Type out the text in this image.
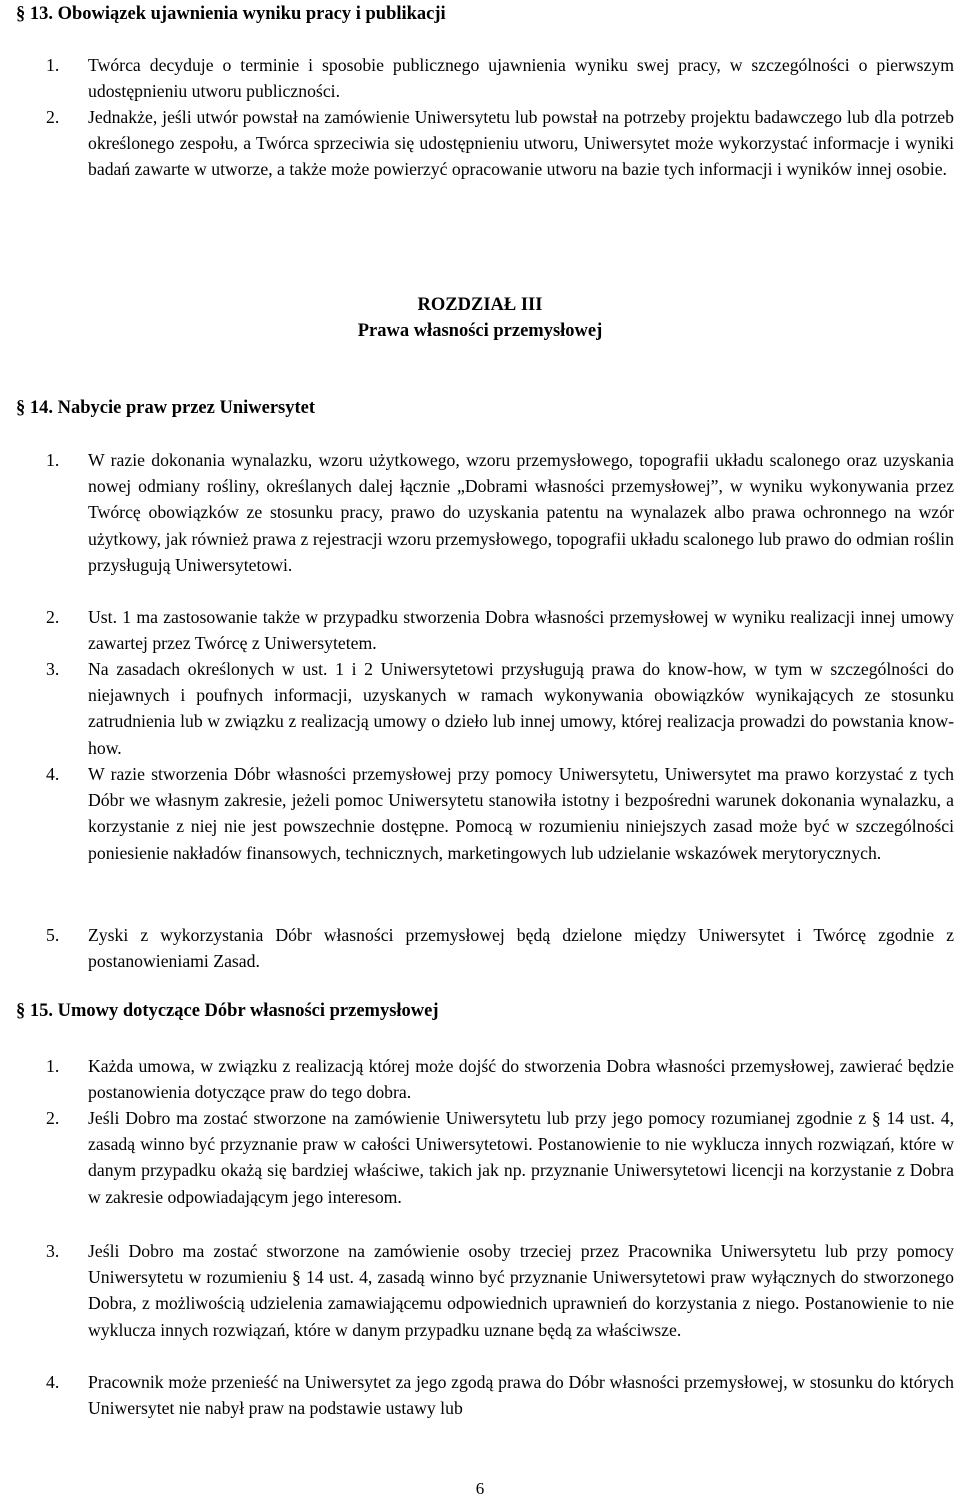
§ 13. Obowiązek ujawnienia wyniku pracy i publikacji
1.	Twórca decyduje o terminie i sposobie publicznego ujawnienia wyniku swej pracy, w szczególności o pierwszym udostępnieniu utworu publiczności.
2.	Jednakże, jeśli utwór powstał na zamówienie Uniwersytetu lub powstał na potrzeby projektu badawczego lub dla potrzeb określonego zespołu, a Twórca sprzeciwia się udostępnieniu utworu, Uniwersytet może wykorzystać informacje i wyniki badań zawarte w utworze, a także może powierzyć opracowanie utworu na bazie tych informacji i wyników innej osobie.
ROZDZIAŁ III
Prawa własności przemysłowej
§ 14. Nabycie praw przez Uniwersytet
1.	W razie dokonania wynalazku, wzoru użytkowego, wzoru przemysłowego, topografii układu scalonego oraz uzyskania nowej odmiany rośliny, określanych dalej łącznie „Dobrami własności przemysłowej”, w wyniku wykonywania przez Twórcę obowiązków ze stosunku pracy, prawo do uzyskania patentu na wynalazek albo prawa ochronnego na wzór użytkowy, jak również prawa z rejestracji wzoru przemysłowego, topografii układu scalonego lub prawo do odmian roślin przysługują Uniwersytetowi.
2.	Ust. 1 ma zastosowanie także w przypadku stworzenia Dobra własności przemysłowej w wyniku realizacji innej umowy zawartej przez Twórcę z Uniwersytetem.
3.	Na zasadach określonych w ust. 1 i 2 Uniwersytetowi przysługują prawa do know-how, w tym w szczególności do niejawnych i poufnych informacji, uzyskanych w ramach wykonywania obowiązków wynikających ze stosunku zatrudnienia lub w związku z realizacją umowy o dzieło lub innej umowy, której realizacja prowadzi do powstania know-how.
4.	W razie stworzenia Dóbr własności przemysłowej przy pomocy Uniwersytetu, Uniwersytet ma prawo korzystać z tych Dóbr we własnym zakresie, jeżeli pomoc Uniwersytetu stanowiła istotny i bezpośredni warunek dokonania wynalazku, a korzystanie z niej nie jest powszechnie dostępne. Pomocą w rozumieniu niniejszych zasad może być w szczególności poniesienie nakładów finansowych, technicznych, marketingowych lub udzielanie wskazówek merytorycznych.
5.	Zyski z wykorzystania Dóbr własności przemysłowej będą dzielone między Uniwersytet i Twórcę zgodnie z postanowieniami Zasad.
§ 15. Umowy dotyczące Dóbr własności przemysłowej
1.	Każda umowa, w związku z realizacją której może dojść do stworzenia Dobra własności przemysłowej, zawierać będzie postanowienia dotyczące praw do tego dobra.
2.	Jeśli Dobro ma zostać stworzone na zamówienie Uniwersytetu lub przy jego pomocy rozumianej zgodnie z § 14 ust. 4, zasadą winno być przyznanie praw w całości Uniwersytetowi. Postanowienie to nie wyklucza innych rozwiązań, które w danym przypadku okażą się bardziej właściwe, takich jak np. przyznanie Uniwersytetowi licencji na korzystanie z Dobra w zakresie odpowiadającym jego interesom.
3.	Jeśli Dobro ma zostać stworzone na zamówienie osoby trzeciej przez Pracownika Uniwersytetu lub przy pomocy Uniwersytetu w rozumieniu § 14 ust. 4, zasadą winno być przyznanie Uniwersytetowi praw wyłącznych do stworzonego Dobra, z możliwością udzielenia zamawiającemu odpowiednich uprawnień do korzystania z niego. Postanowienie to nie wyklucza innych rozwiązań, które w danym przypadku uznane będą za właściwsze.
4.	Pracownik może przenieść na Uniwersytet za jego zgodą prawa do Dóbr własności przemysłowej, w stosunku do których Uniwersytet nie nabył praw na podstawie ustawy lub
6
